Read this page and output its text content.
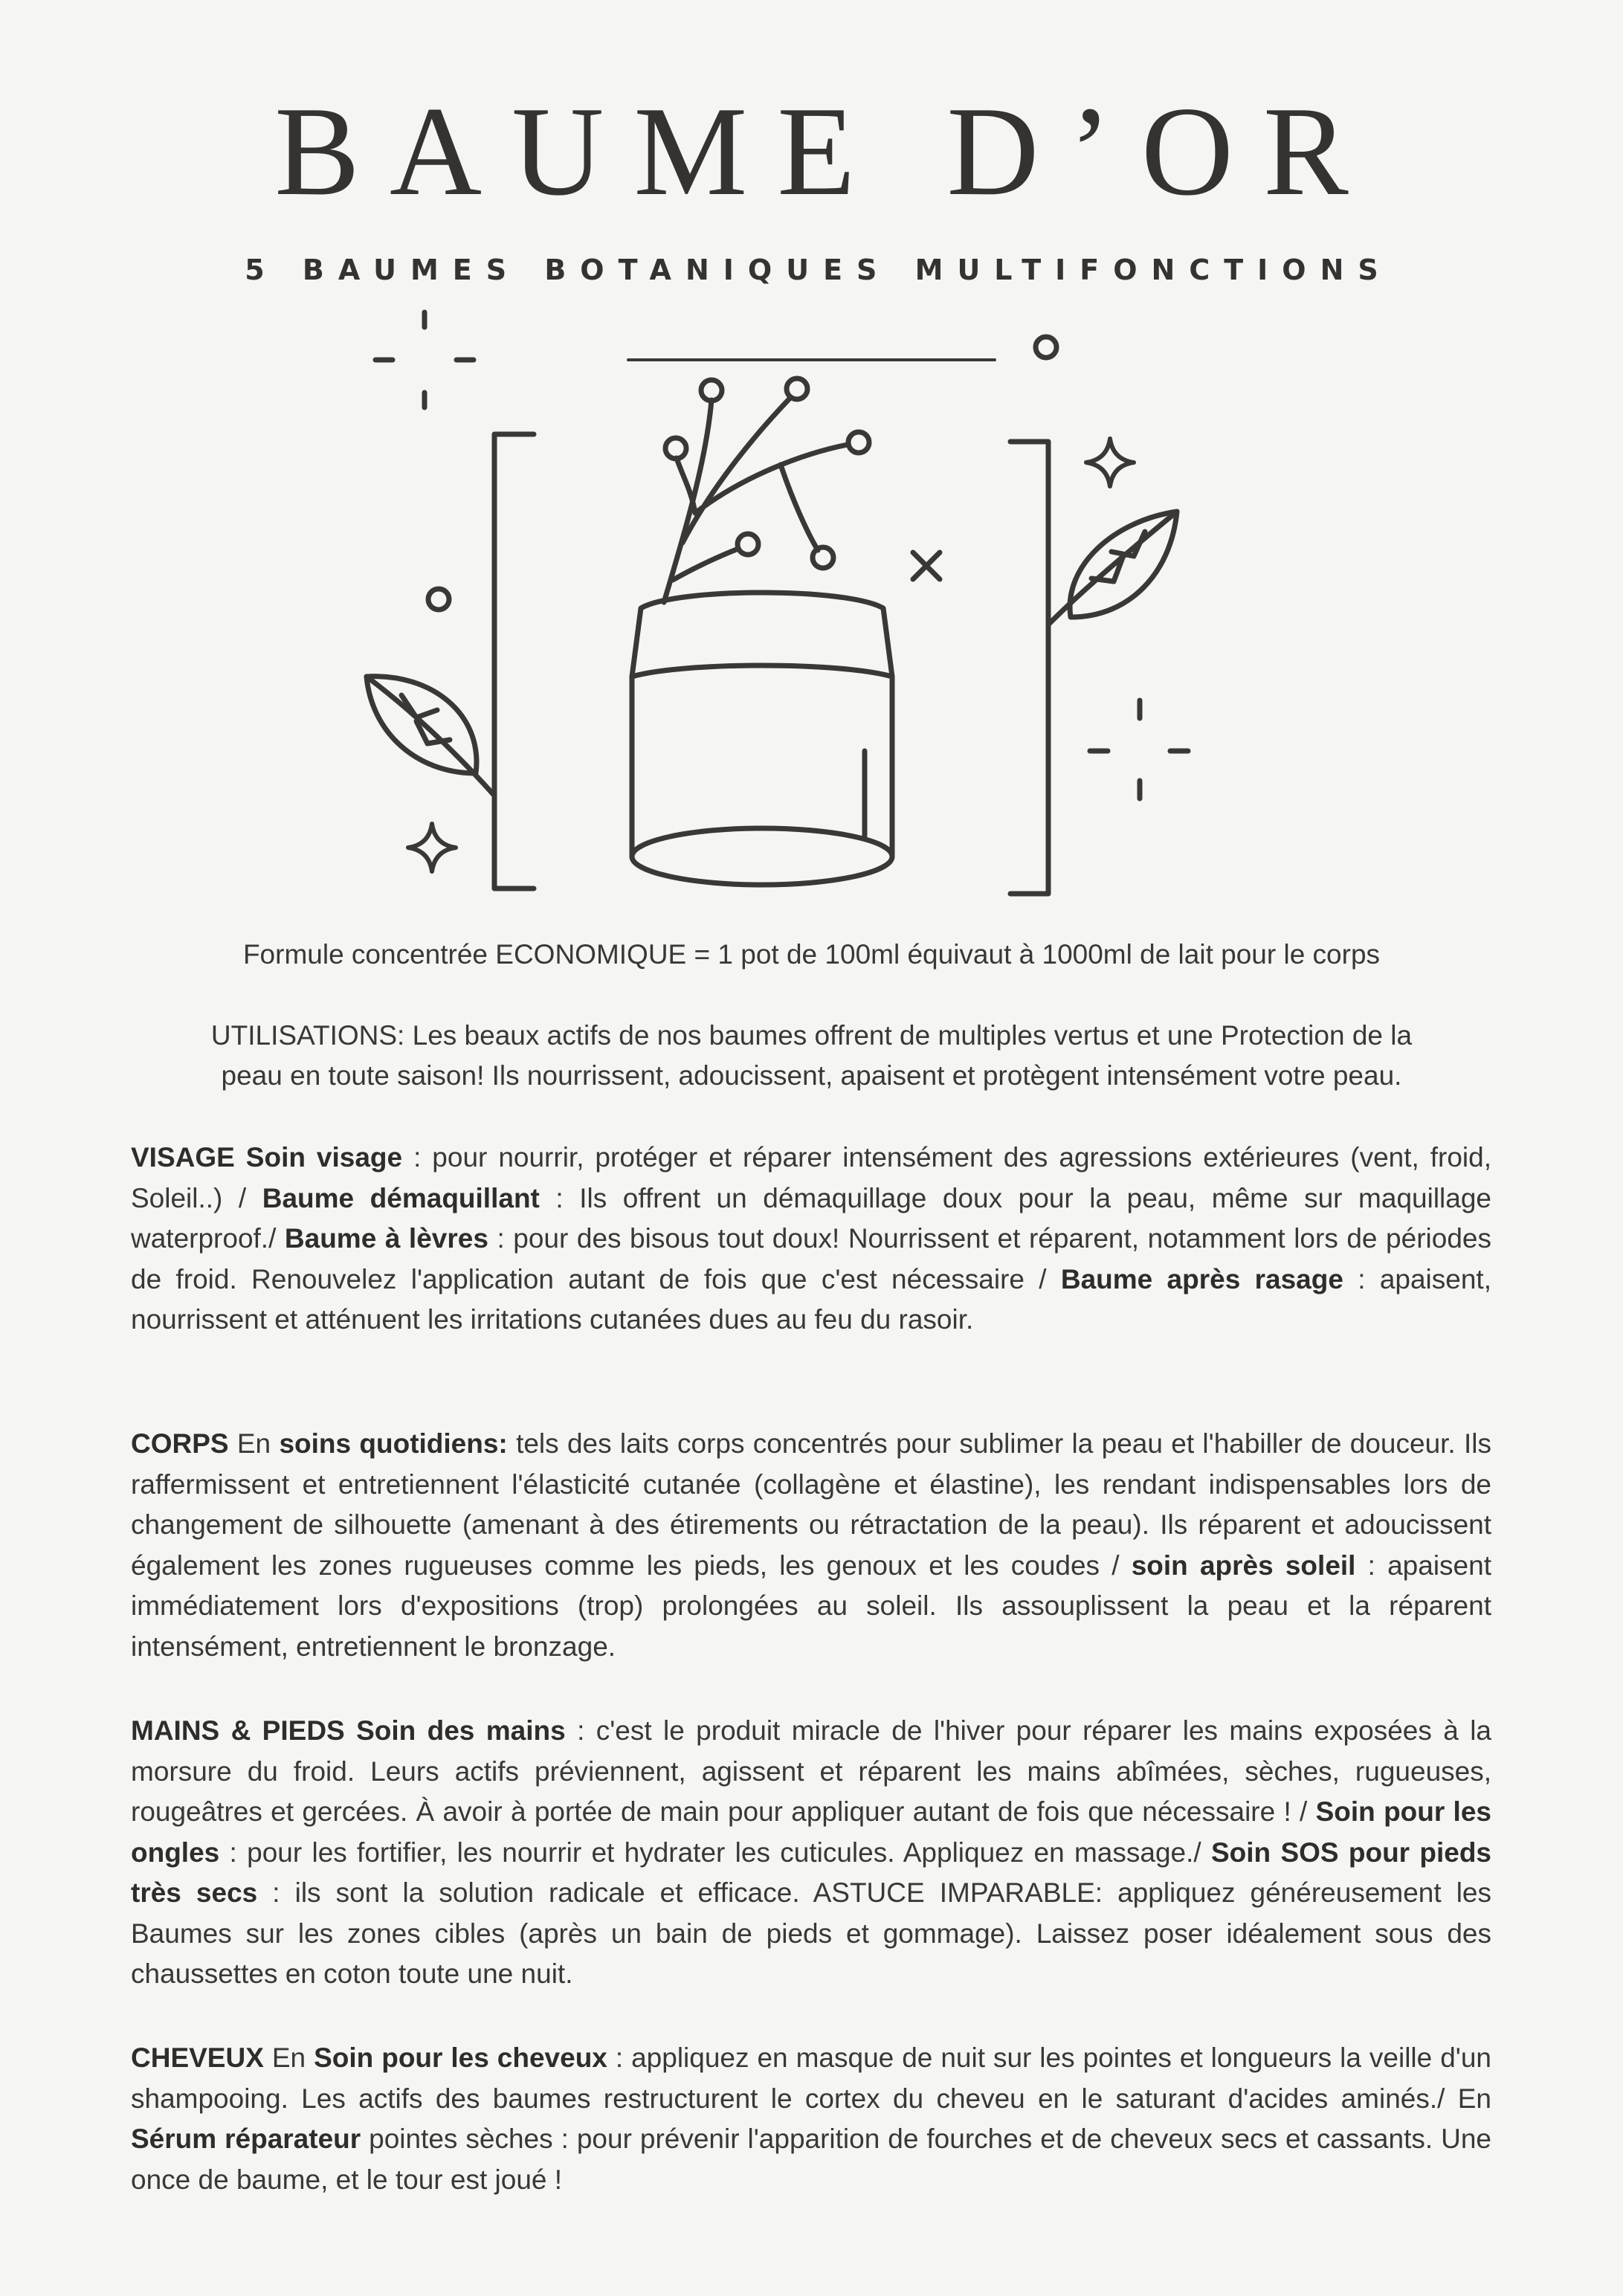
BAUME D’OR
5 BAUMES BOTANIQUES MULTIFONCTIONS

Formule concentrée ECONOMIQUE = 1 pot de 100ml équivaut à 1000ml de lait pour le corps

UTILISATIONS: Les beaux actifs de nos baumes offrent de multiples vertus et une Protection de la

peau en toute saison! Ils nourrissent, adoucissent, apaisent et protègent intensément votre peau.

VISAGE Soin visage : pour nourrir, protéger et réparer intensément des agressions extérieures (vent, froid, Soleil..) / Baume démaquillant : Ils offrent un démaquillage doux pour la peau, même sur maquillage waterproof./ Baume à lèvres : pour des bisous tout doux! Nourrissent et réparent, notamment lors de périodes de froid. Renouvelez l'application autant de fois que c'est nécessaire / Baume après rasage : apaisent, nourrissent et atténuent les irritations cutanées dues au feu du rasoir.

CORPS En soins quotidiens: tels des laits corps concentrés pour sublimer la peau et l'habiller de douceur. Ils raffermissent et entretiennent l'élasticité cutanée (collagène et élastine), les rendant indispensables lors de changement de silhouette (amenant à des étirements ou rétractation de la peau). Ils réparent et adoucissent également les zones rugueuses comme les pieds, les genoux et les coudes / soin après soleil : apaisent immédiatement lors d'expositions (trop) prolongées au soleil. Ils assouplissent la peau et la réparent intensément, entretiennent le bronzage.

MAINS & PIEDS Soin des mains : c'est le produit miracle de l'hiver pour réparer les mains exposées à la morsure du froid. Leurs actifs préviennent, agissent et réparent les mains abîmées, sèches, rugueuses, rougeâtres et gercées. À avoir à portée de main pour appliquer autant de fois que nécessaire ! / Soin pour les ongles : pour les fortifier, les nourrir et hydrater les cuticules. Appliquez en massage./ Soin SOS pour pieds très secs : ils sont la solution radicale et efficace. ASTUCE IMPARABLE: appliquez généreusement les Baumes sur les zones cibles (après un bain de pieds et gommage). Laissez poser idéalement sous des chaussettes en coton toute une nuit.

CHEVEUX En Soin pour les cheveux : appliquez en masque de nuit sur les pointes et longueurs la veille d'un shampooing. Les actifs des baumes restructurent le cortex du cheveu en le saturant d'acides aminés./ En Sérum réparateur pointes sèches : pour prévenir l'apparition de fourches et de cheveux secs et cassants. Une once de baume, et le tour est joué !
